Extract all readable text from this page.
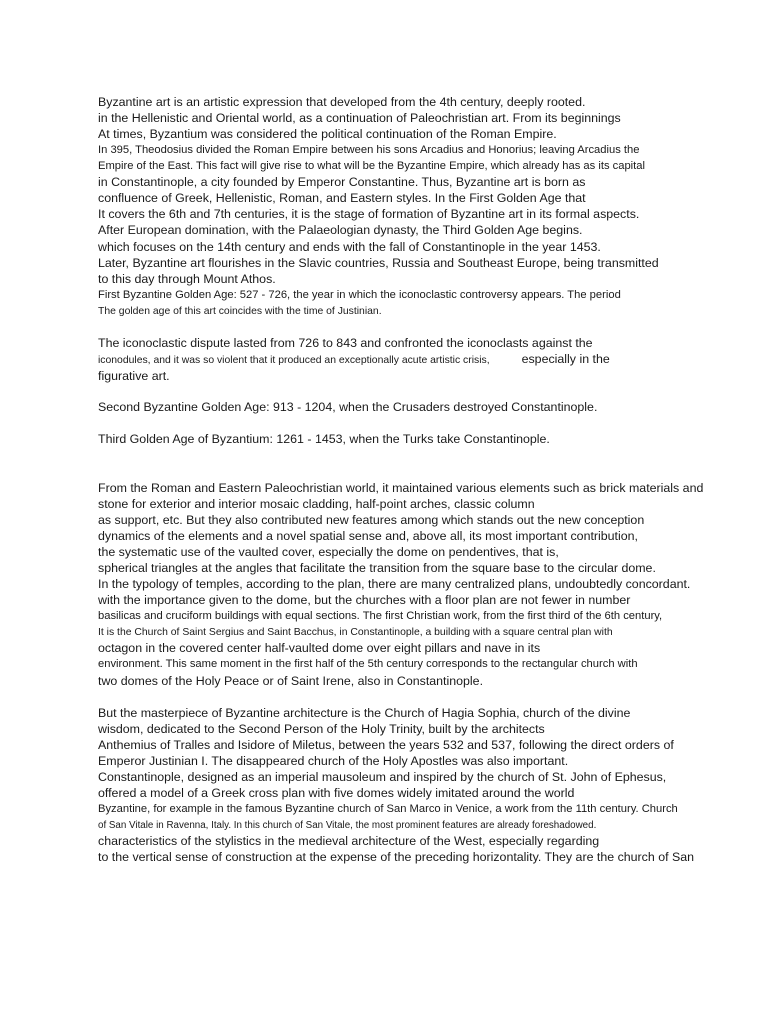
Byzantine art is an artistic expression that developed from the 4th century, deeply rooted.
in the Hellenistic and Oriental world, as a continuation of Paleochristian art. From its beginnings
At times, Byzantium was considered the political continuation of the Roman Empire.
In 395, Theodosius divided the Roman Empire between his sons Arcadius and Honorius; leaving Arcadius the
Empire of the East. This fact will give rise to what will be the Byzantine Empire, which already has as its capital
in Constantinople, a city founded by Emperor Constantine. Thus, Byzantine art is born as
confluence of Greek, Hellenistic, Roman, and Eastern styles. In the First Golden Age that
It covers the 6th and 7th centuries, it is the stage of formation of Byzantine art in its formal aspects.
After European domination, with the Palaeologian dynasty, the Third Golden Age begins.
which focuses on the 14th century and ends with the fall of Constantinople in the year 1453.
Later, Byzantine art flourishes in the Slavic countries, Russia and Southeast Europe, being transmitted
to this day through Mount Athos.
First Byzantine Golden Age: 527 - 726, the year in which the iconoclastic controversy appears. The period
The golden age of this art coincides with the time of Justinian.
The iconoclastic dispute lasted from 726 to 843 and confronted the iconoclasts against the
iconodules, and it was so violent that it produced an exceptionally acute artistic crisis,	especially in the
figurative art.
Second Byzantine Golden Age: 913 - 1204, when the Crusaders destroyed Constantinople.
Third Golden Age of Byzantium: 1261 - 1453, when the Turks take Constantinople.
From the Roman and Eastern Paleochristian world, it maintained various elements such as brick materials and
stone for exterior and interior mosaic cladding, half-point arches, classic column
as support, etc. But they also contributed new features among which stands out the new conception
dynamics of the elements and a novel spatial sense and, above all, its most important contribution,
the systematic use of the vaulted cover, especially the dome on pendentives, that is,
spherical triangles at the angles that facilitate the transition from the square base to the circular dome.
In the typology of temples, according to the plan, there are many centralized plans, undoubtedly concordant.
with the importance given to the dome, but the churches with a floor plan are not fewer in number
basilicas and cruciform buildings with equal sections. The first Christian work, from the first third of the 6th century,
It is the Church of Saint Sergius and Saint Bacchus, in Constantinople, a building with a square central plan with
octagon in the covered center half-vaulted dome over eight pillars and nave in its
environment. This same moment in the first half of the 5th century corresponds to the rectangular church with
two domes of the Holy Peace or of Saint Irene, also in Constantinople.
But the masterpiece of Byzantine architecture is the Church of Hagia Sophia, church of the divine
wisdom, dedicated to the Second Person of the Holy Trinity, built by the architects
Anthemius of Tralles and Isidore of Miletus, between the years 532 and 537, following the direct orders of
Emperor Justinian I. The disappeared church of the Holy Apostles was also important.
Constantinople, designed as an imperial mausoleum and inspired by the church of St. John of Ephesus,
offered a model of a Greek cross plan with five domes widely imitated around the world
Byzantine, for example in the famous Byzantine church of San Marco in Venice, a work from the 11th century. Church
of San Vitale in Ravenna, Italy. In this church of San Vitale, the most prominent features are already foreshadowed.
characteristics of the stylistics in the medieval architecture of the West, especially regarding
to the vertical sense of construction at the expense of the preceding horizontality. They are the church of San
